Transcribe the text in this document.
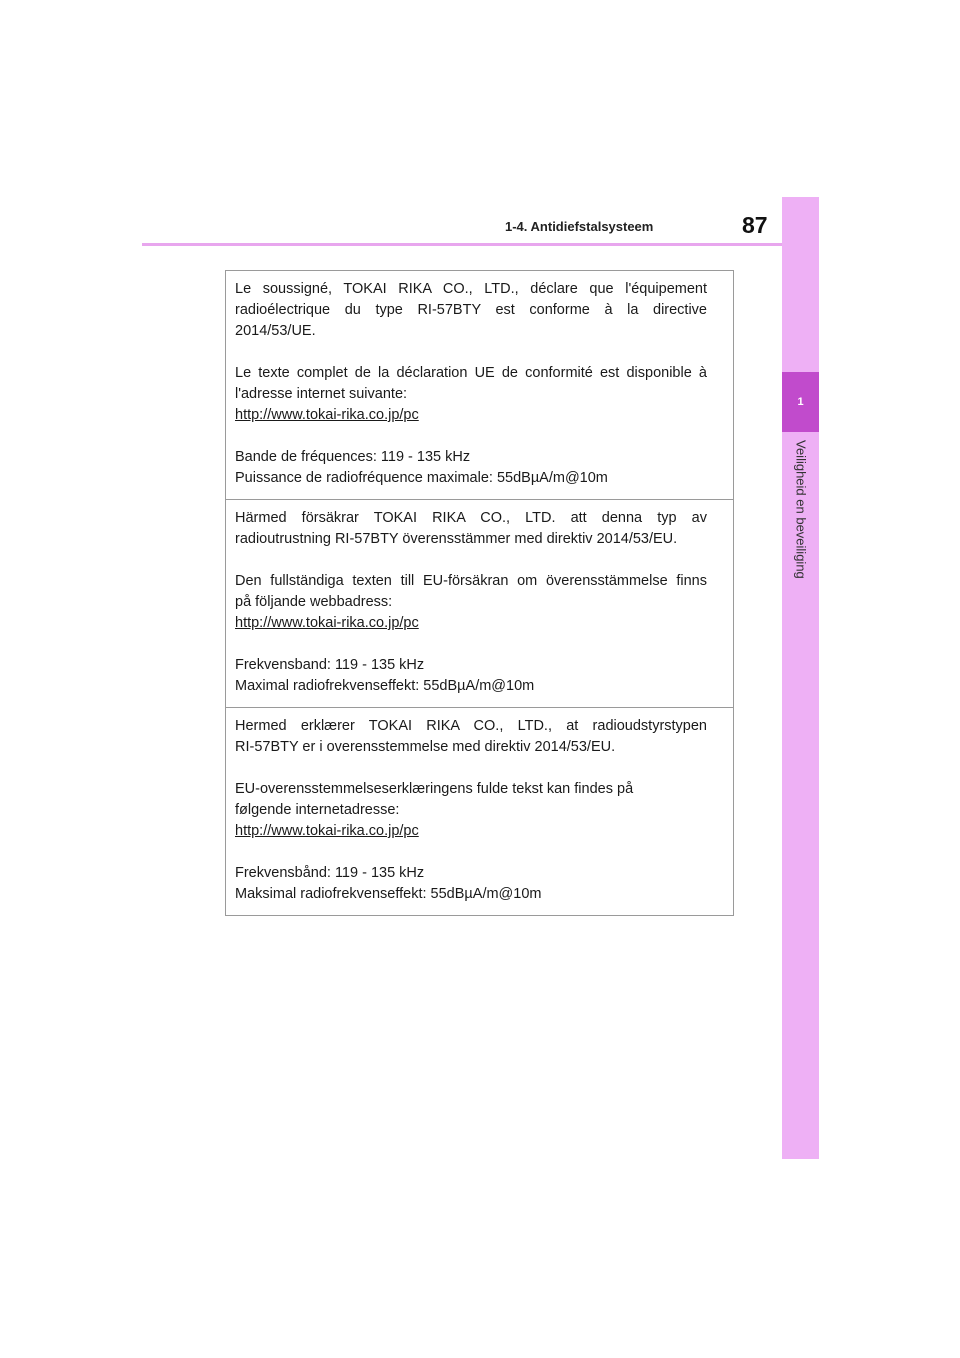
1-4. Antidiefstalsysteem	87
1
Veiligheid en beveiliging

Le soussigné, TOKAI RIKA CO., LTD., déclare que l'équipement
radioélectrique du type RI-57BTY est conforme à la directive
2014/53/UE.

Le texte complet de la déclaration UE de conformité est disponible à
l'adresse internet suivante:
http://www.tokai-rika.co.jp/pc

Bande de fréquences: 119 - 135 kHz
Puissance de radiofréquence maximale: 55dBµA/m@10m

Härmed försäkrar TOKAI RIKA CO., LTD. att denna typ av
radioutrustning RI-57BTY överensstämmer med direktiv 2014/53/EU.

Den fullständiga texten till EU-försäkran om överensstämmelse finns
på följande webbadress:
http://www.tokai-rika.co.jp/pc

Frekvensband: 119 - 135 kHz
Maximal radiofrekvenseffekt: 55dBµA/m@10m

Hermed erklærer TOKAI RIKA CO., LTD., at radioudstyrstypen
RI-57BTY er i overensstemmelse med direktiv 2014/53/EU.

EU-overensstemmelseserklæringens fulde tekst kan findes på
følgende internetadresse:
http://www.tokai-rika.co.jp/pc

Frekvensbånd: 119 - 135 kHz
Maksimal radiofrekvenseffekt: 55dBµA/m@10m
